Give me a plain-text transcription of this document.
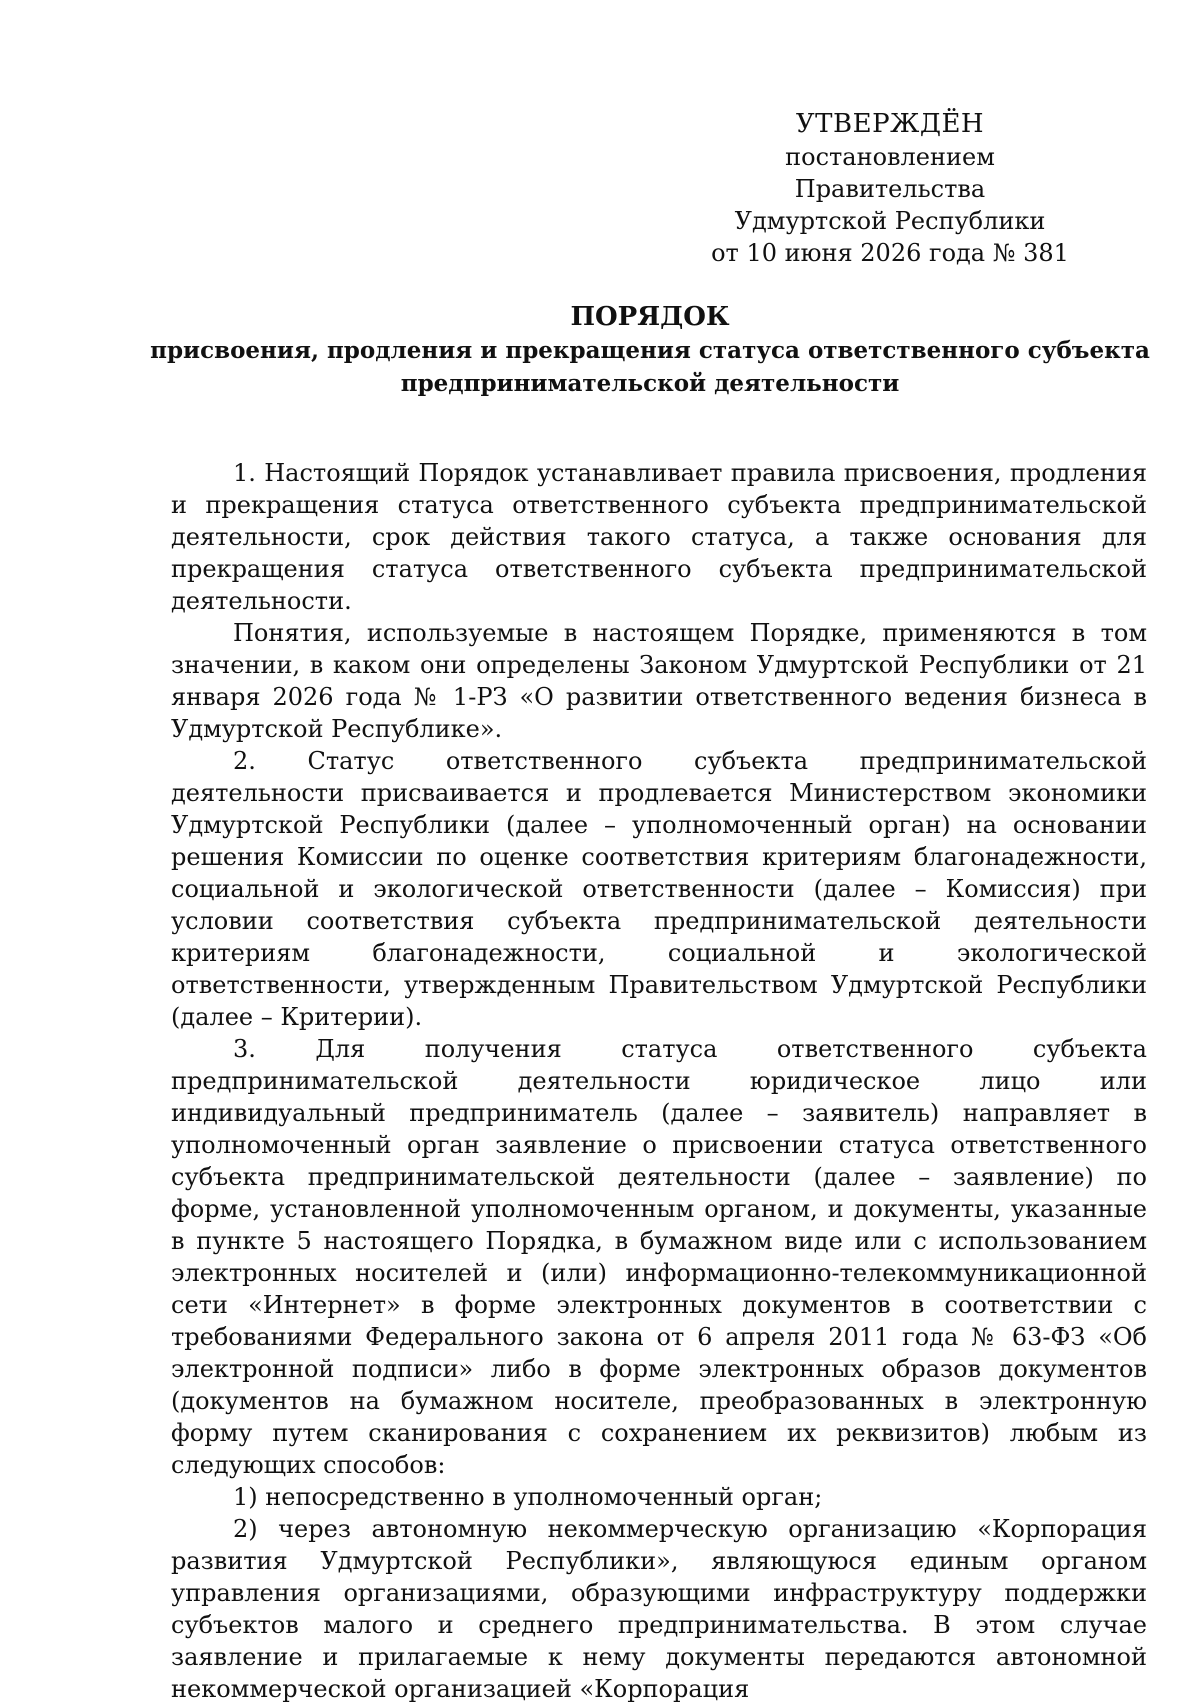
УТВЕРЖДЁН
постановлением Правительства
Удмуртской Республики
от 10 июня 2026 года № 381
ПОРЯДОК
присвоения, продления и прекращения статуса ответственного субъекта предпринимательской деятельности

1. Настоящий Порядок устанавливает правила присвоения, продления и прекращения статуса ответственного субъекта предпринимательской деятельности, срок действия такого статуса, а также основания для прекращения статуса ответственного субъекта предпринимательской деятельности.

Понятия, используемые в настоящем Порядке, применяются в том значении, в каком они определены Законом Удмуртской Республики от 21 января 2026 года № 1-РЗ «О развитии ответственного ведения бизнеса в Удмуртской Республике».

2. Статус ответственного субъекта предпринимательской деятельности присваивается и продлевается Министерством экономики Удмуртской Республики (далее – уполномоченный орган) на основании решения Комиссии по оценке соответствия критериям благонадежности, социальной и экологической ответственности (далее – Комиссия) при условии соответствия субъекта предпринимательской деятельности критериям благонадежности, социальной и экологической ответственности, утвержденным Правительством Удмуртской Республики (далее – Критерии).

3. Для получения статуса ответственного субъекта предпринимательской деятельности юридическое лицо или индивидуальный предприниматель (далее – заявитель) направляет в уполномоченный орган заявление о присвоении статуса ответственного субъекта предпринимательской деятельности (далее – заявление) по форме, установленной уполномоченным органом, и документы, указанные в пункте 5 настоящего Порядка, в бумажном виде или с использованием электронных носителей и (или) информационно-телекоммуникационной сети «Интернет» в форме электронных документов в соответствии с требованиями Федерального закона от 6 апреля 2011 года № 63-ФЗ «Об электронной подписи» либо в форме электронных образов документов (документов на бумажном носителе, преобразованных в электронную форму путем сканирования с сохранением их реквизитов) любым из следующих способов:

1) непосредственно в уполномоченный орган;

2) через автономную некоммерческую организацию «Корпорация развития Удмуртской Республики», являющуюся единым органом управления организациями, образующими инфраструктуру поддержки субъектов малого и среднего предпринимательства. В этом случае заявление и прилагаемые к нему документы передаются автономной некоммерческой организацией «Корпорация
